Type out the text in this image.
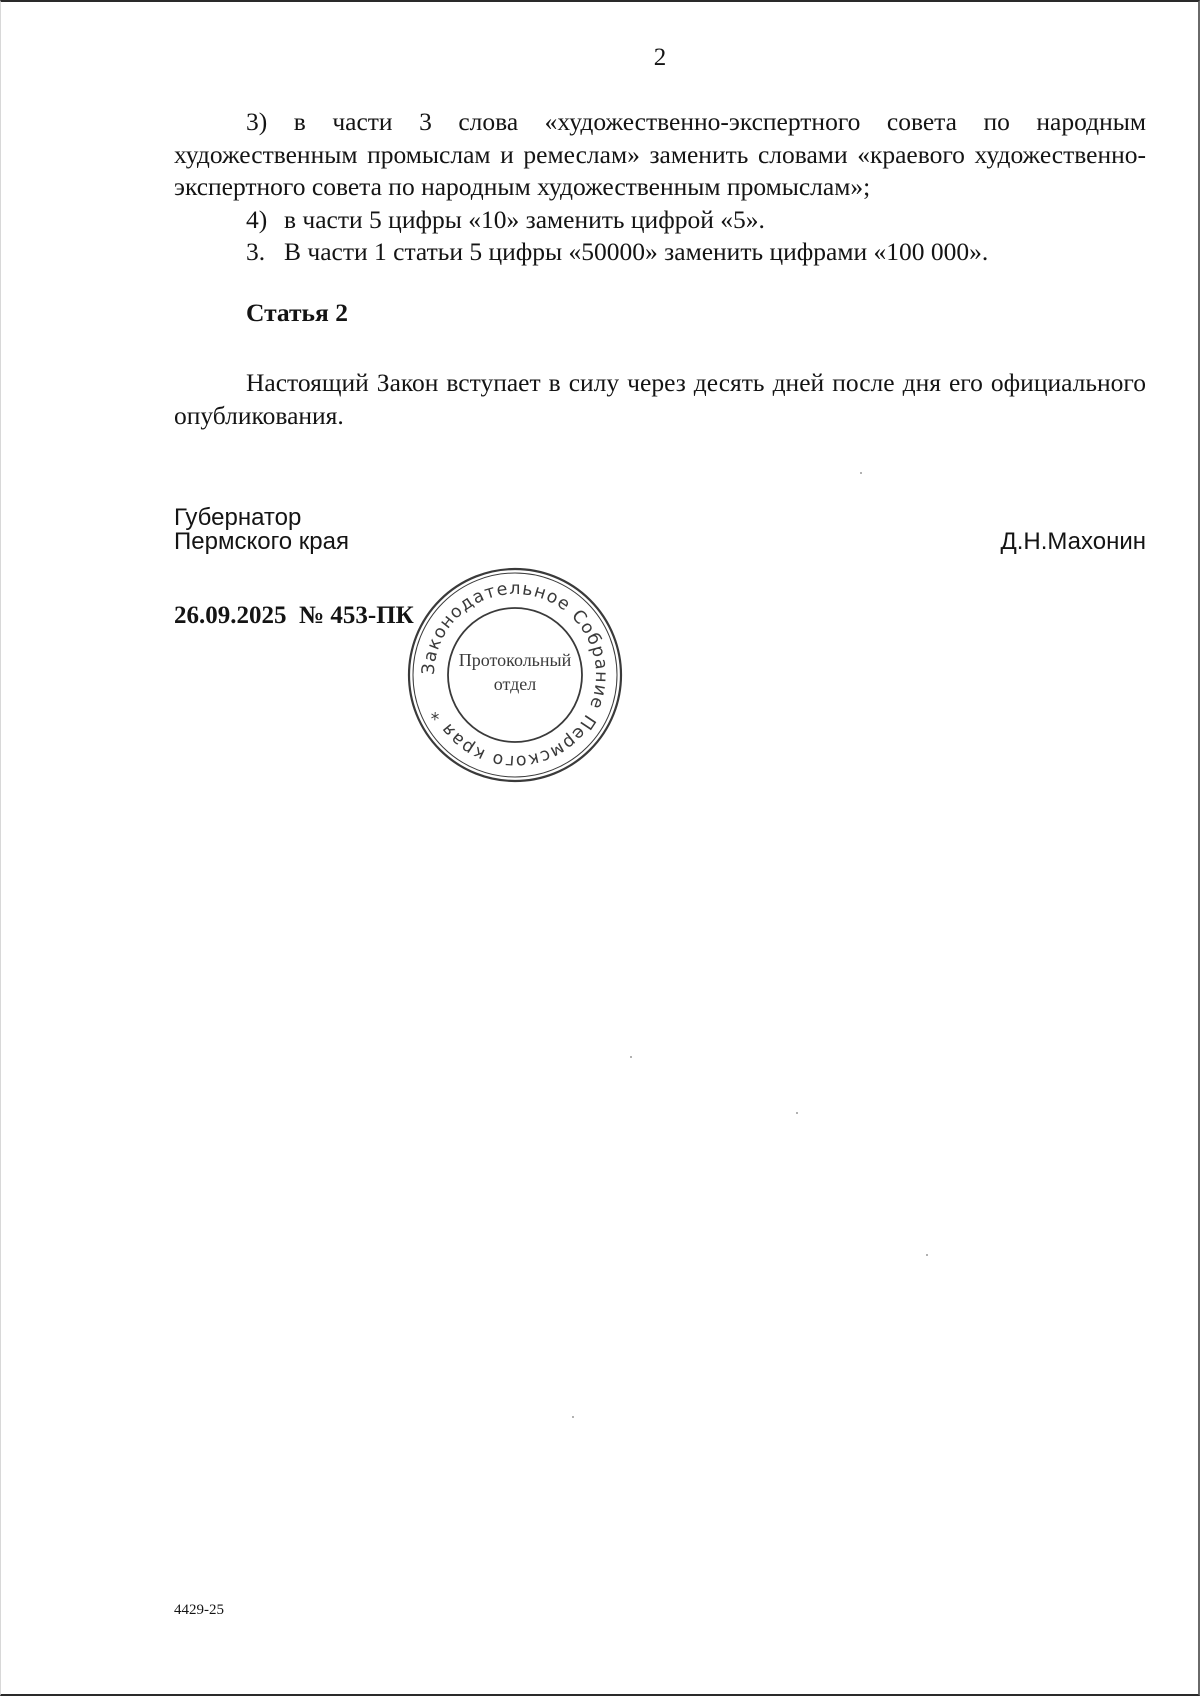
2

3) в части 3 слова «художественно-экспертного совета по народным художественным промыслам и ремеслам» заменить словами «краевого художественно-экспертного совета по народным художественным промыслам»;

4) в части 5 цифры «10» заменить цифрой «5».

3. В части 1 статьи 5 цифры «50000» заменить цифрами «100 000».

Статья 2

Настоящий Закон вступает в силу через десять дней после дня его официального опубликования.

Губернатор
Пермского края	Д.Н.Махонин
26.09.2025  № 453-ПК
Законодательное Собрание Пермского края *
Протокольный
отдел
4429-25
